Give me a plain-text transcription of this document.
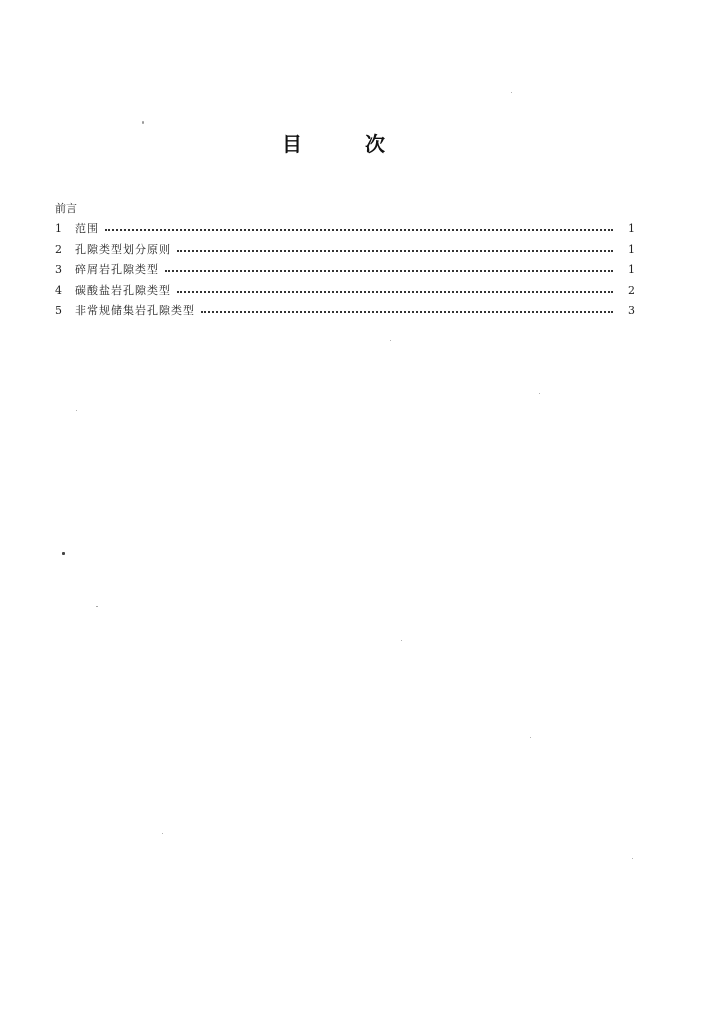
目	次
前言
1	范围	1
2	孔隙类型划分原则	1
3	碎屑岩孔隙类型	1
4	碳酸盐岩孔隙类型	2
5	非常规储集岩孔隙类型	3
